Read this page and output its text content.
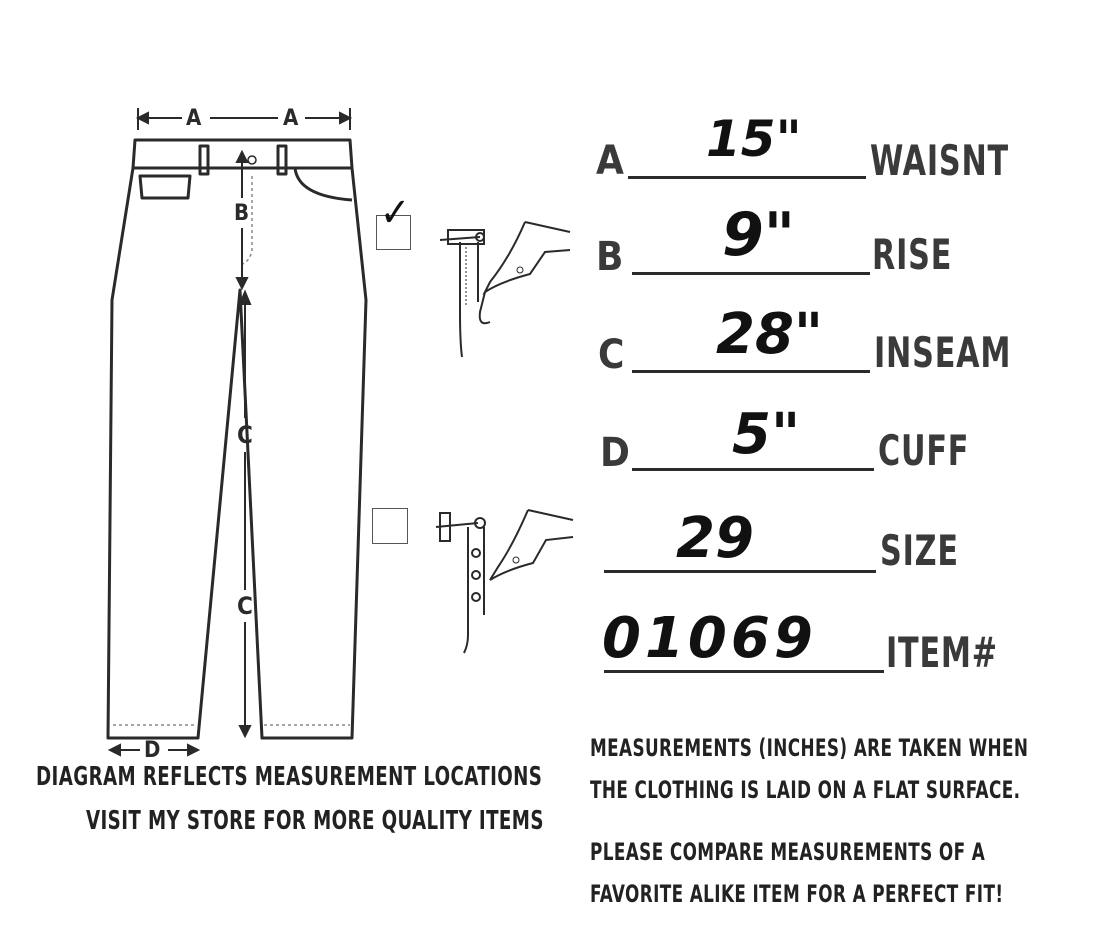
A	A
B
C
C
D
✓
A 15" WAISNT
B 9" RISE
C 28" INSEAM
D 5" CUFF
29	SIZE
01069 ITEM#
DIAGRAM REFLECTS MEASUREMENT LOCATIONS
VISIT MY STORE FOR MORE QUALITY ITEMS
MEASUREMENTS (INCHES) ARE TAKEN WHEN
THE CLOTHING IS LAID ON A FLAT SURFACE.
PLEASE COMPARE MEASUREMENTS OF A
FAVORITE ALIKE ITEM FOR A PERFECT FIT!
